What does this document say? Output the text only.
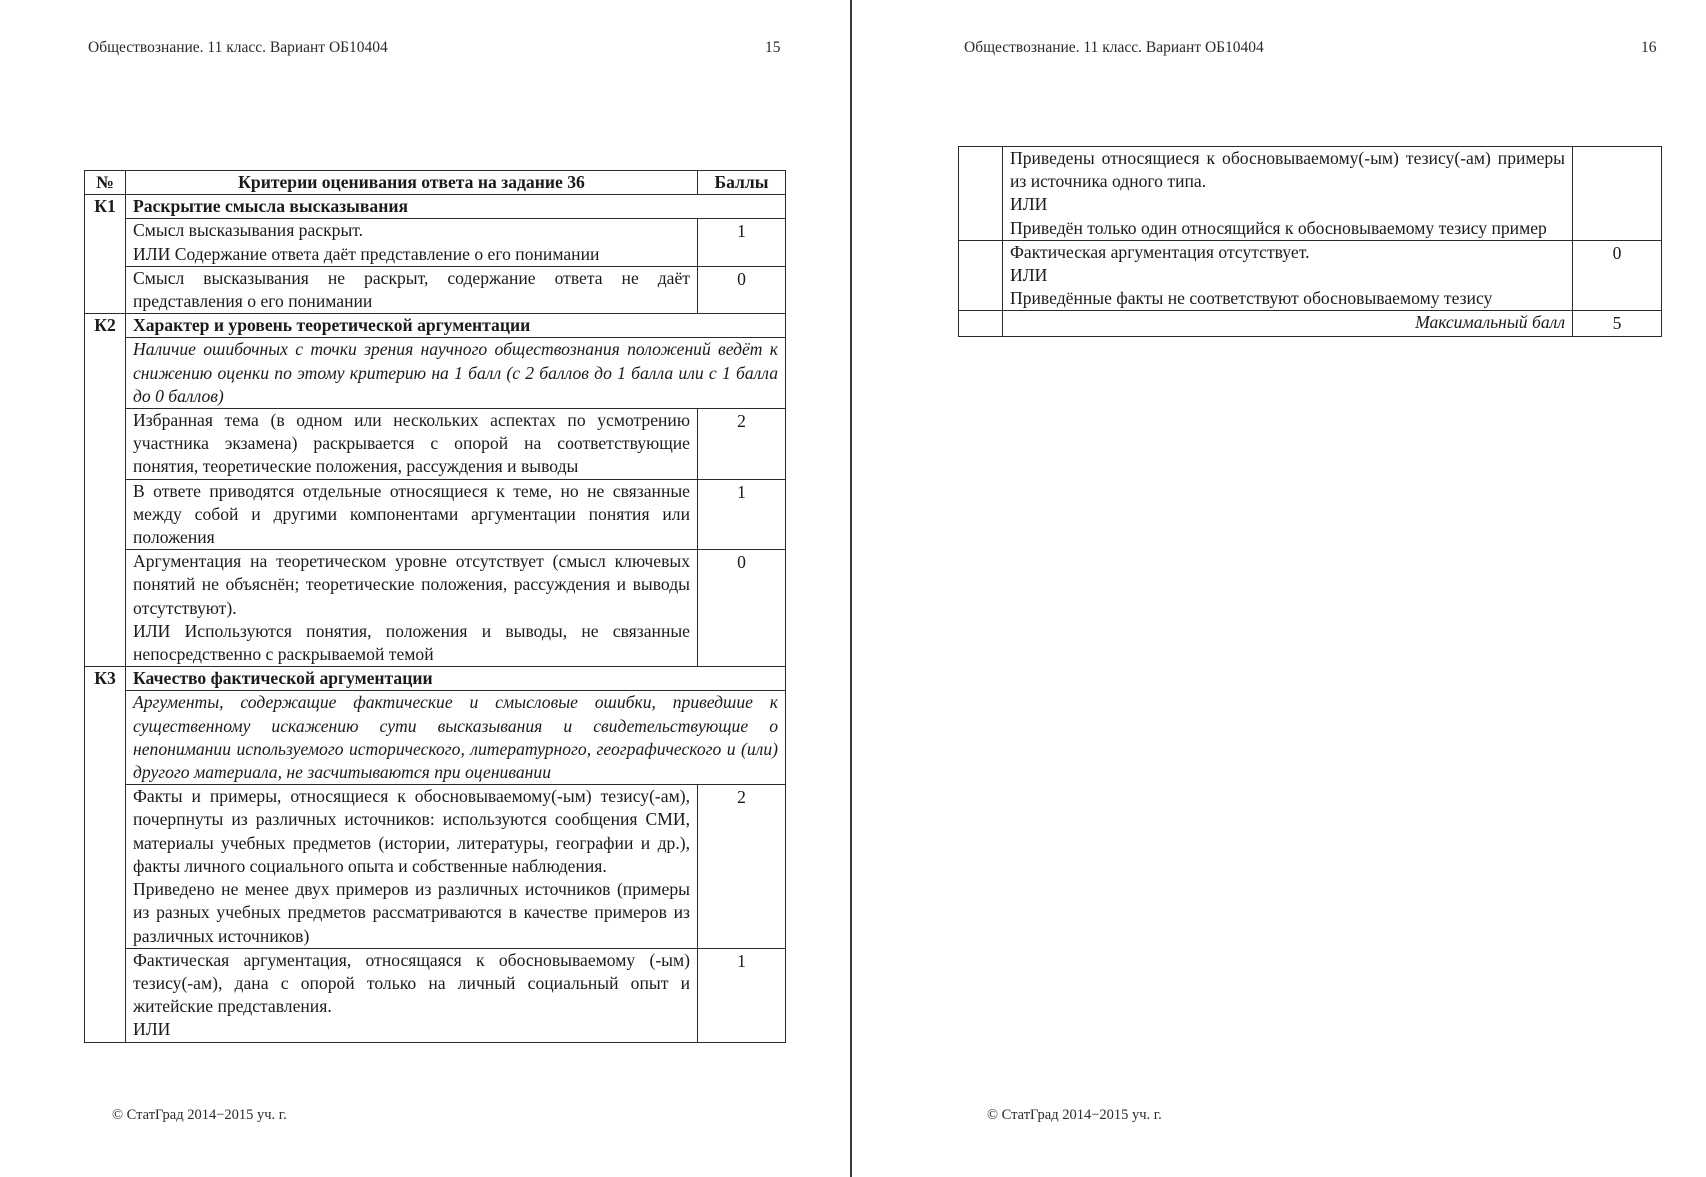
Обществознание. 11 класс. Вариант ОБ10404	15
№	Критерии оценивания ответа на задание 36	Баллы
К1	Раскрытие смысла высказывания	

	Смысл высказывания раскрыт.
ИЛИ Содержание ответа даёт представление о его понимании	1
	Смысл высказывания не раскрыт, содержание ответа не даёт представления о его понимании	0
К2	Характер и уровень теоретической аргументации	
	Наличие ошибочных с точки зрения научного обществознания положений ведёт к снижению оценки по этому критерию на 1 балл (с 2 баллов до 1 балла или с 1 балла до 0 баллов)	
	Избранная тема (в одном или нескольких аспектах по усмотрению участника экзамена) раскрывается с опорой на соответствующие понятия, теоретические положения, рассуждения и выводы	2
	В ответе приводятся отдельные относящиеся к теме, но не связанные между собой и другими компонентами аргументации понятия или положения	1

	Аргументация на теоретическом уровне отсутствует (смысл ключевых понятий не объяснён; теоретические положения, рассуждения и выводы отсутствуют).
ИЛИ Используются понятия, положения и выводы, не связанные непосредственно с раскрываемой темой	0
К3	Качество фактической аргументации	
	Аргументы, содержащие фактические и смысловые ошибки, приведшие к существенному искажению сути высказывания и свидетельствующие о непонимании используемого исторического, литературного, географического и (или) другого материала, не засчитываются при оценивании	

	Факты и примеры, относящиеся к обосновываемому(-ым) тезису(-ам), почерпнуты из различных источников: используются сообщения СМИ, материалы учебных предметов (истории, литературы, географии и др.), факты личного социального опыта и собственные наблюдения.
Приведено не менее двух примеров из различных источников (примеры из разных учебных предметов рассматриваются в качестве примеров из различных источников)	2

	Фактическая аргументация, относящаяся к обосновываемому (-ым) тезису(-ам), дана с опорой только на личный социальный опыт и житейские представления.
ИЛИ	1
© СтатГрад 2014−2015 уч. г.
Обществознание. 11 класс. Вариант ОБ10404	16
© СтатГрад 2014−2015 уч. г.

	Приведены относящиеся к обосновываемому(-ым) тезису(-ам) примеры из источника одного типа.
ИЛИ
Приведён только один относящийся к обосновываемому тезису пример	

	Фактическая аргументация отсутствует.
ИЛИ
Приведённые факты не соответствуют обосновываемому тезису	0
	Максимальный балл	5
